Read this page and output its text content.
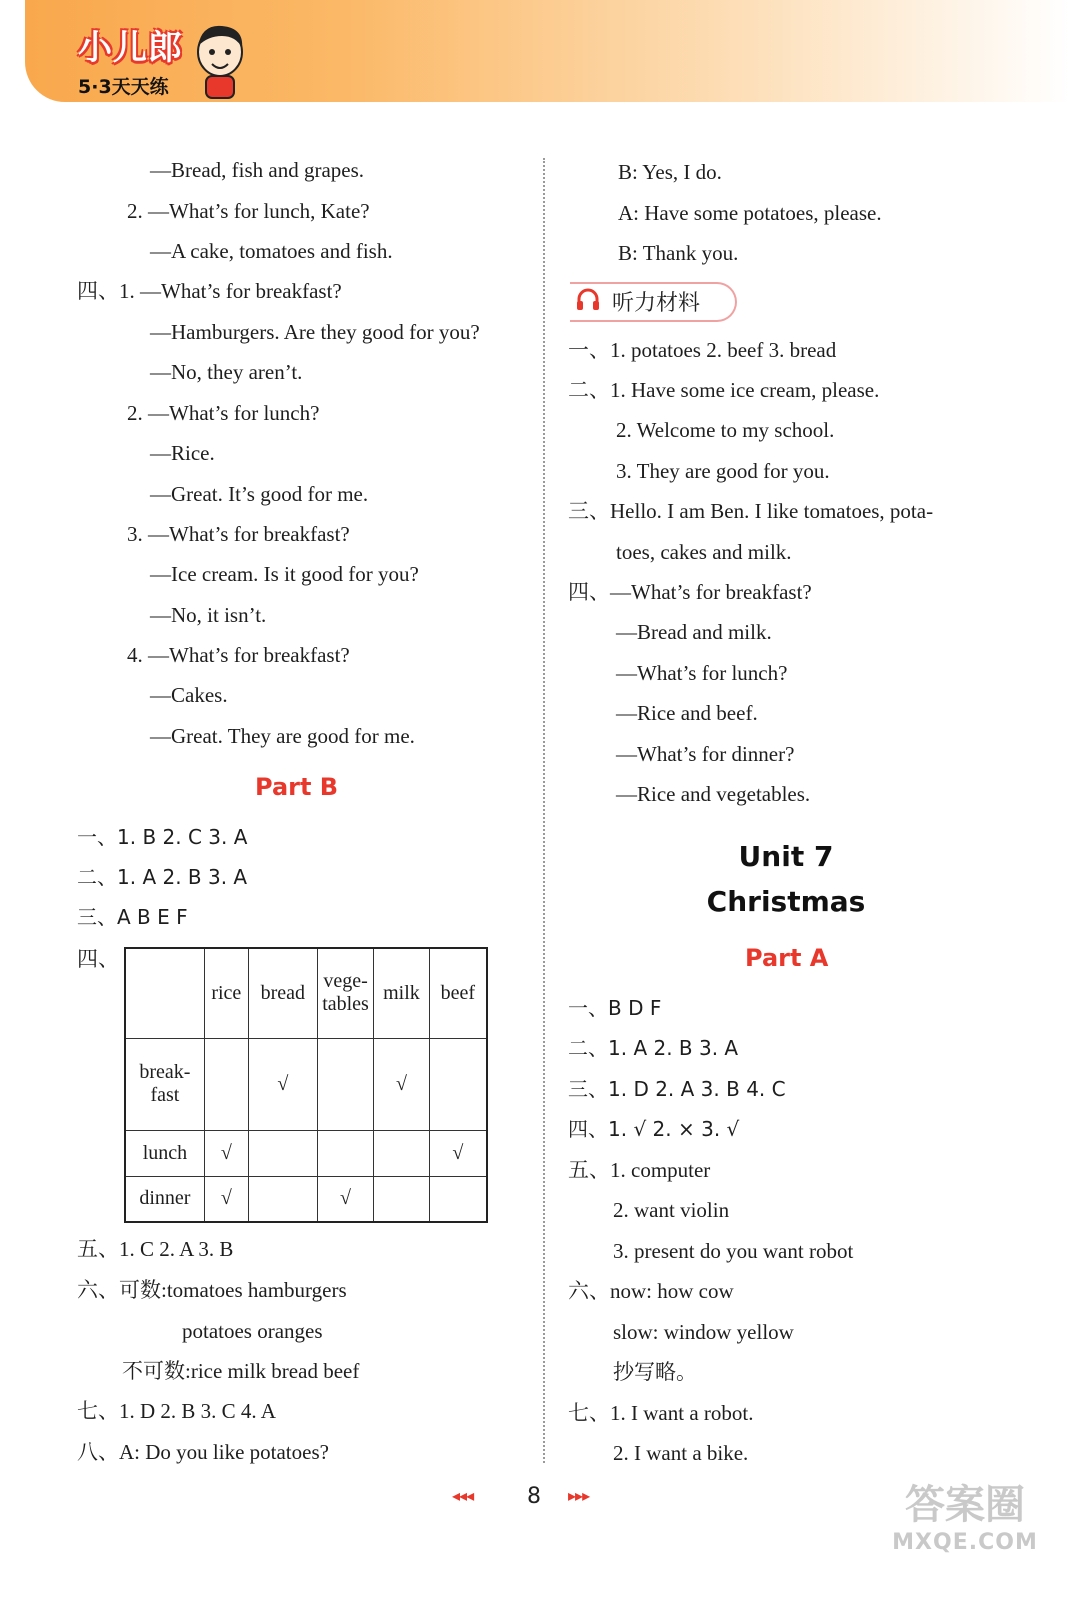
小儿郎
5·3天天练
—Bread, fish and grapes.
2. —What’s for lunch, Kate?
—A cake, tomatoes and fish.
四、1. —What’s for breakfast?
—Hamburgers. Are they good for you?
—No, they aren’t.
2. —What’s for lunch?
—Rice.
—Great. It’s good for me.
3. —What’s for breakfast?
—Ice cream. Is it good for you?
—No, it isn’t.
4. —What’s for breakfast?
—Cakes.
—Great. They are good for me.
Part B
一、1. B 2. C 3. A
二、1. A 2. B 3. A
三、A B E F
四、
	rice	bread	vege-tables	milk	beef
break-fast		√		√	
lunch	√				√
dinner	√		√		
五、1. C 2. A 3. B
六、可数:tomatoes hamburgers
potatoes oranges
不可数:rice milk bread beef
七、1. D 2. B 3. C 4. A
八、A: Do you like potatoes?
B: Yes, I do.
A: Have some potatoes, please.
B: Thank you.
听力材料
一、1. potatoes 2. beef 3. bread
二、1. Have some ice cream, please.
2. Welcome to my school.
3. They are good for you.
三、Hello. I am Ben. I like tomatoes, pota-
toes, cakes and milk.
四、—What’s for breakfast?
—Bread and milk.
—What’s for lunch?
—Rice and beef.
—What’s for dinner?
—Rice and vegetables.
Unit 7
Christmas
Part A
一、B D F
二、1. A 2. B 3. A
三、1. D 2. A 3. B 4. C
四、1. √ 2. × 3. √
五、1. computer
2. want violin
3. present do you want robot
六、now: how cow
slow: window yellow
抄写略。
七、1. I want a robot.
2. I want a bike.
◂◂◂ 8 ▸▸▸	答案圈
MXQE.COM
